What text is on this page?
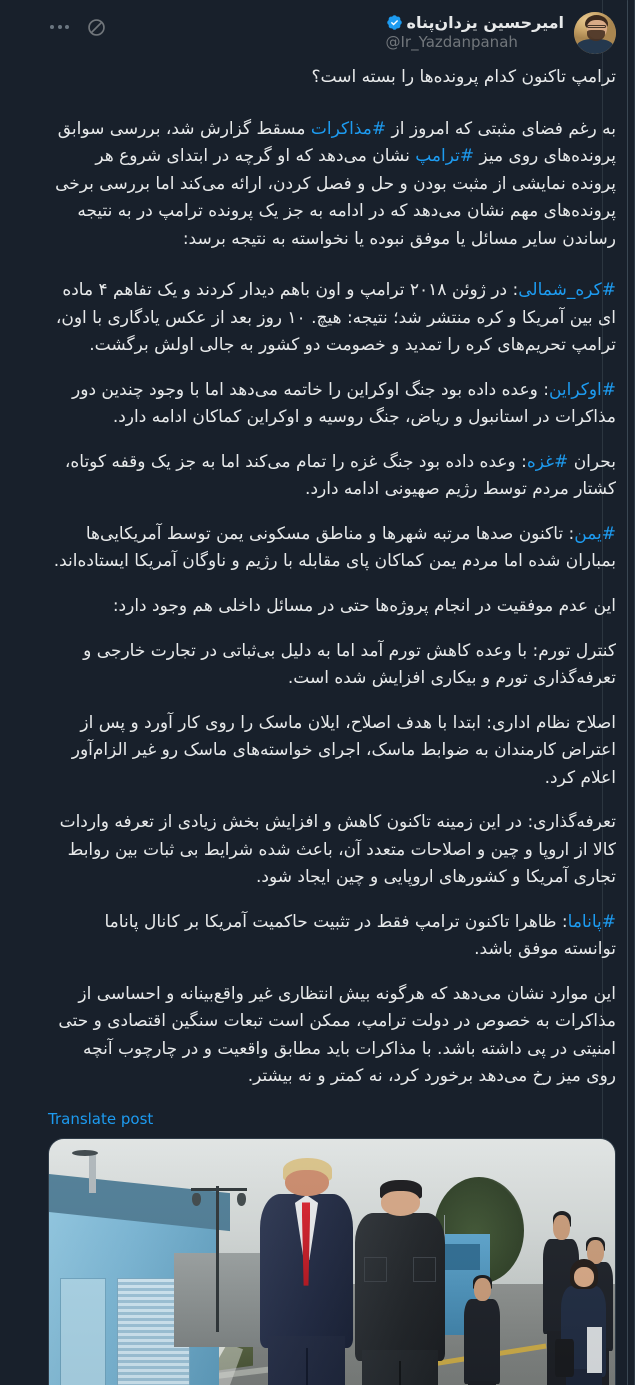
امیرحسین یزدان‌پناه
@Ir_Yazdanpanah

ترامپ تاکنون کدام پرونده‌ها را بسته است؟

به رغم فضای مثبتی که امروز از #مذاکرات مسقط گزارش شد، بررسی سوابق پرونده‌های روی میز #ترامپ نشان می‌دهد که او گرچه در ابتدای شروع هر پرونده نمایشی از مثبت بودن و حل و فصل کردن، ارائه می‌کند اما بررسی برخی پرونده‌های مهم نشان می‌دهد که در ادامه به جز یک پرونده ترامپ در به نتیجه رساندن سایر مسائل یا موفق نبوده یا نخواسته به نتیجه برسد:

#کره_شمالی: در ژوئن ۲۰۱۸ ترامپ و اون باهم دیدار کردند و یک تفاهم ۴ ماده ای بین آمریکا و کره منتشر شد؛ نتیجه: هیچ. ۱۰ روز بعد از عکس یادگاری با اون، ترامپ تحریم‌های کره را تمدید و خصومت دو کشور به جالی اولش برگشت.

#اوکراین: وعده داده بود جنگ اوکراین را خاتمه می‌دهد اما با وجود چندین دور مذاکرات در استانبول و ریاض، جنگ روسیه و اوکراین کماکان ادامه دارد.

بحران #غزه: وعده داده بود جنگ غزه را تمام می‌کند اما به جز یک وقفه کوتاه، کشتار مردم توسط رژیم صهیونی ادامه دارد.

#یمن: تاکنون صدها مرتبه شهرها و مناطق مسکونی یمن توسط آمریکایی‌ها بمباران شده اما مردم یمن کماکان پای مقابله با رژیم و ناوگان آمریکا ایستاده‌اند.

این عدم موفقیت در انجام پروژه‌ها حتی در مسائل داخلی هم وجود دارد:

کنترل تورم: با وعده کاهش تورم آمد اما به دلیل بی‌ثباتی در تجارت خارجی و تعرفه‌گذاری تورم و بیکاری افزایش شده است.

اصلاح نظام اداری: ابتدا با هدف اصلاح، ایلان ماسک را روی کار آورد و پس از اعتراض کارمندان به ضوابط ماسک، اجرای خواسته‌های ماسک رو غیر الزام‌آور اعلام کرد.

تعرفه‌گذاری: در این زمینه تاکنون کاهش و افزایش بخش زیادی از تعرفه واردات کالا از اروپا و چین و اصلاحات متعدد آن، باعث شده شرایط بی ثبات بین روابط تجاری آمریکا و کشورهای اروپایی و چین ایجاد شود.

#پاناما: ظاهرا تاکنون ترامپ فقط در تثبیت حاکمیت آمریکا بر کانال پاناما توانسته موفق باشد.

این موارد نشان می‌دهد که هرگونه بیش انتظاری غیر واقع‌بینانه و احساسی از مذاکرات به خصوص در دولت ترامپ، ممکن است تبعات سنگین اقتصادی و حتی امنیتی در پی داشته باشد. با مذاکرات باید مطابق واقعیت و در چارچوب آنچه روی میز رخ می‌دهد برخورد کرد، نه کمتر و نه بیشتر.

Translate post
